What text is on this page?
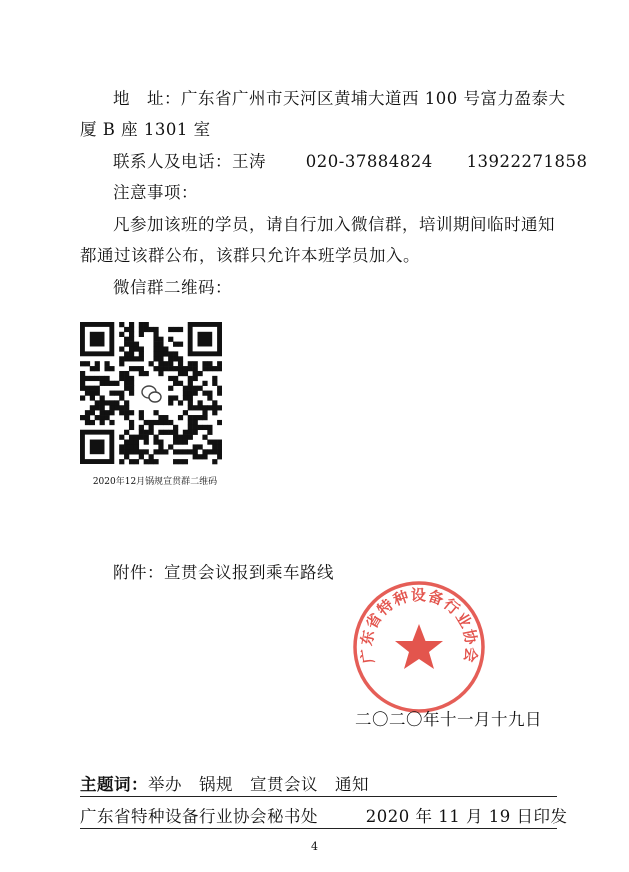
地　址：广东省广州市天河区黄埔大道西 100 号富力盈泰大
厦 B 座 1301 室
联系人及电话：王涛 020-37884824 13922271858
注意事项：
凡参加该班的学员，请自行加入微信群，培训期间临时通知
都通过该群公布，该群只允许本班学员加入。
微信群二维码：
2020年12月锅规宣贯群二维码
附件：宣贯会议报到乘车路线
广东省特种设备行业协会
二〇二〇年十一月十九日
主题词：举办　锅规　宣贯会议　通知
广东省特种设备行业协会秘书处	2020 年 11 月 19 日印发
4
